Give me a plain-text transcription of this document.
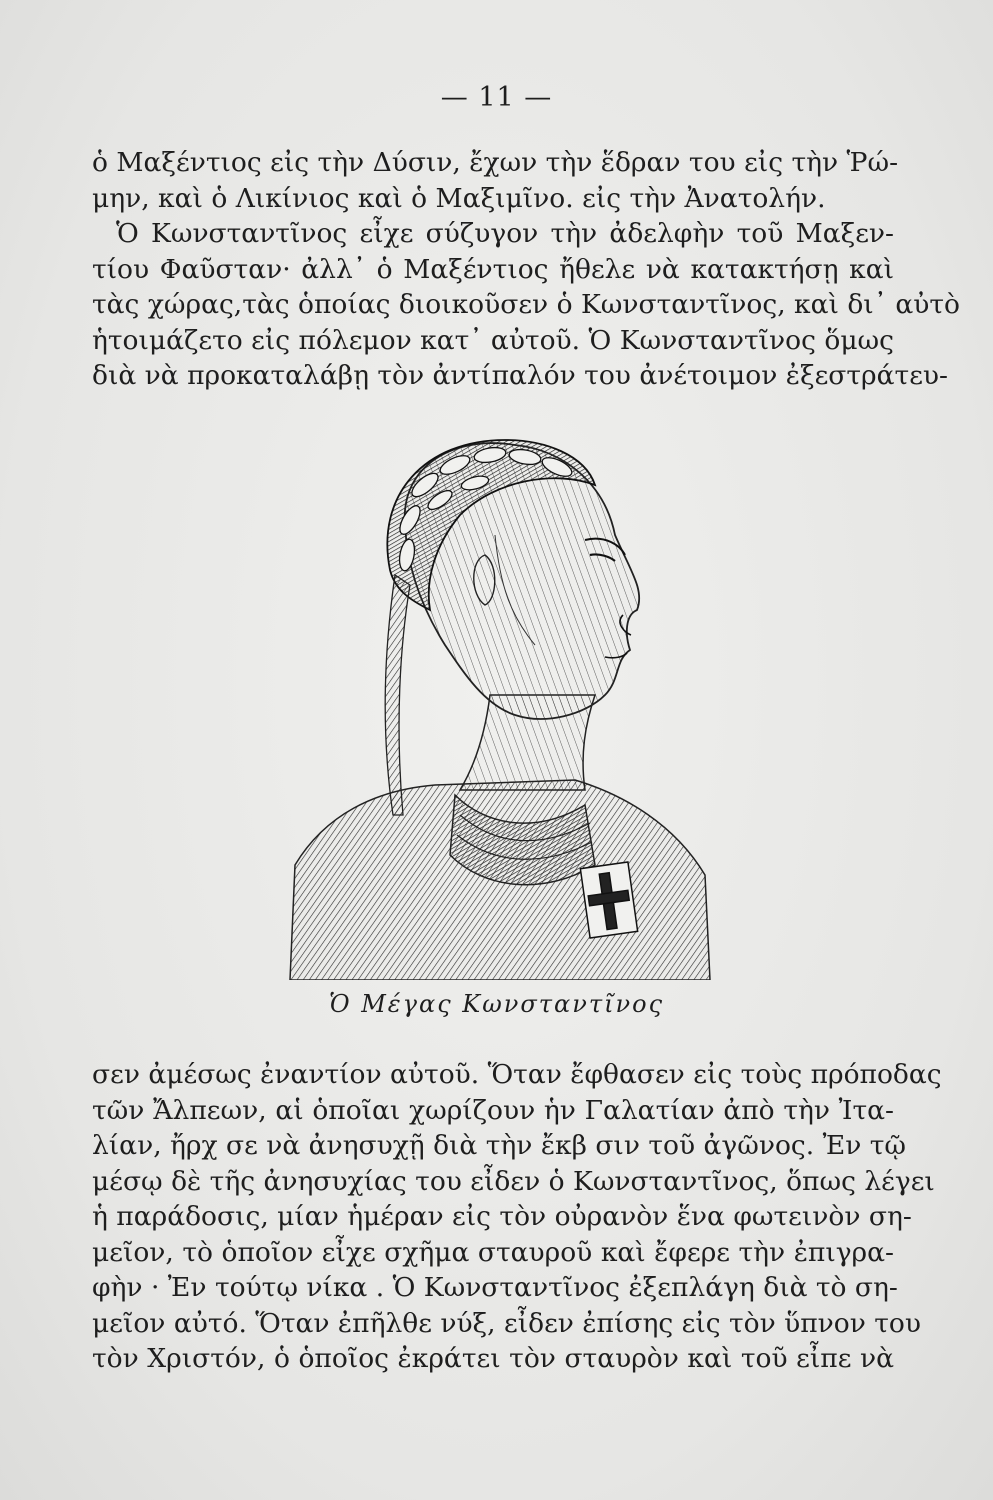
— 11 —
ὁ Μαξέντιος εἰς τὴν Δύσιν, ἔχων τὴν ἕδραν του εἰς τὴν Ῥώ-
μην, καὶ ὁ Λικίνιος καὶ ὁ Μαξιμῖνο. εἰς τὴν Ἀνατολήν.
Ὁ Κωνσταντῖνος εἶχε σύζυγον τὴν ἀδελφὴν τοῦ Μαξεν-
τίου Φαῦσταν· ἀλλ᾽ ὁ Μαξέντιος ἤθελε νὰ κατακτήσῃ καὶ
τὰς χώρας,τὰς ὁποίας διοικοῦσεν ὁ Κωνσταντῖνος, καὶ δι᾽ αὐτὸ
ἡτοιμάζετο εἰς πόλεμον κατ᾽ αὐτοῦ. Ὁ Κωνσταντῖνος ὅμως
διὰ νὰ προκαταλάβῃ τὸν ἀντίπαλόν του ἀνέτοιμον ἐξεστράτευ-
Ὁ Μέγας Κωνσταντῖνος
σεν ἀμέσως ἐναντίον αὐτοῦ. Ὅταν ἔφθασεν εἰς τοὺς πρόποδας
τῶν Ἄλπεων, αἱ ὁποῖαι χωρίζουν ἡν Γαλατίαν ἀπὸ τὴν Ἰτα-
λίαν, ἤρχ σε νὰ ἀνησυχῇ διὰ τὴν ἔκβ σιν τοῦ ἀγῶνος. Ἐν τῷ
μέσῳ δὲ τῆς ἀνησυχίας του εἶδεν ὁ Κωνσταντῖνος, ὅπως λέγει
ἡ παράδοσις, μίαν ἡμέραν εἰς τὸν οὐρανὸν ἕνα φωτεινὸν ση-
μεῖον, τὸ ὁποῖον εἶχε σχῆμα σταυροῦ καὶ ἔφερε τὴν ἐπιγρα-
φὴν · Ἐν τούτῳ νίκα . Ὁ Κωνσταντῖνος ἐξεπλάγη διὰ τὸ ση-
μεῖον αὐτό. Ὅταν ἐπῆλθε νύξ, εἶδεν ἐπίσης εἰς τὸν ὕπνον του
τὸν Χριστόν, ὁ ὁποῖος ἐκράτει τὸν σταυρὸν καὶ τοῦ εἶπε νὰ
